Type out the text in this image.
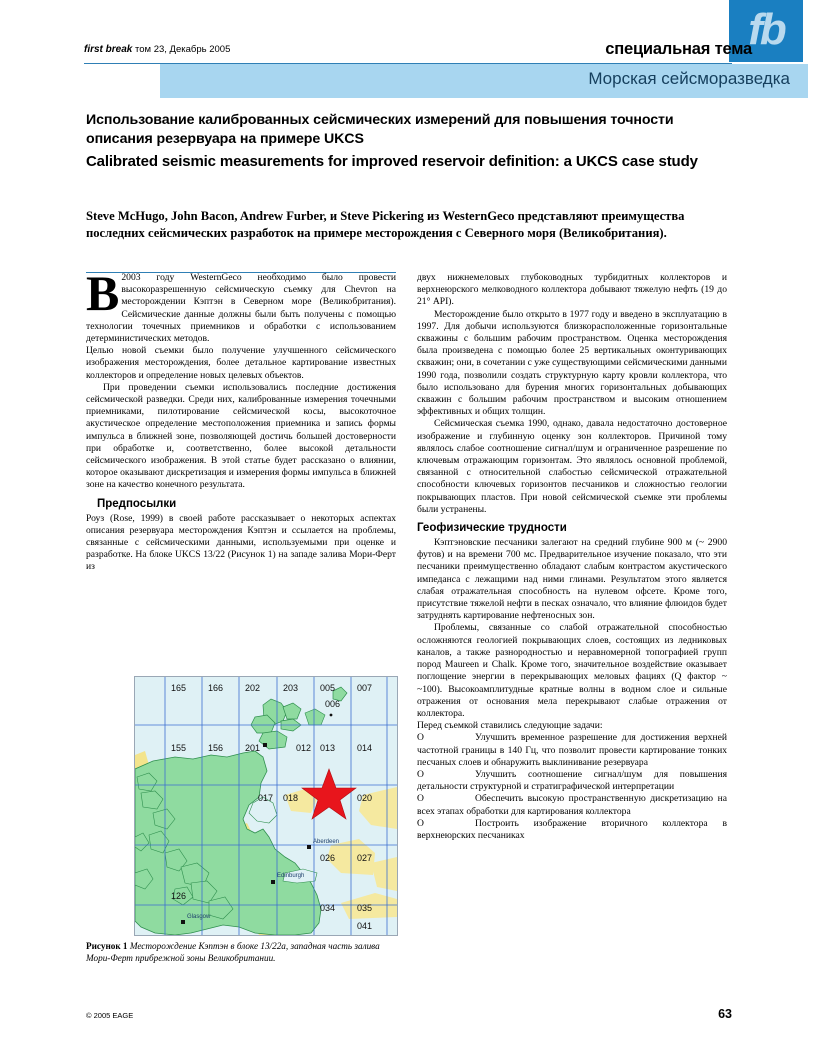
fb
first break том 23, Декабрь 2005	специальная тема
Морская сейсморазведка
Использование калиброванных сейсмических измерений для повышения точности описания резервуара на примере UKCS
Calibrated seismic measurements for improved reservoir definition: a UKCS case study
Steve McHugo, John Bacon, Andrew Furber, и Steve Pickering из WesternGeco представляют преимущества последних сейсмических разработок на примере месторождения с Северного моря (Великобритания).
В 2003 году WesternGeco необходимо было провести высокоразрешенную сейсмическую съемку для Chevron на месторождении Кэптэн в Северном море (Великобритания). Сейсмические данные должны были быть получены с помощью технологии точечных приемников и обработки с использованием детерминистических методов.

Целью новой съемки было получение улучшенного сейсмического изображения месторождения, более детальное картирование известных коллекторов и определение новых целевых объектов.

При проведении съемки использовались последние достижения сейсмической разведки. Среди них, калиброванные измерения точечными приемниками, пилотирование сейсмической косы, высокоточное акустическое определение местоположения приемника и запись формы импульса в ближней зоне, позволяющей достичь большей достоверности при обработке и, соответственно, более высокой детальности сейсмического изображения. В этой статье будет рассказано о влиянии, которое оказывают дискретизация и измерения формы импульса в ближней зоне на качество конечного результата.

Предпосылки

Роуз (Rose, 1999) в своей работе рассказывает о некоторых аспектах описания резервуара месторождения Кэптэн и ссылается на проблемы, связанные с сейсмическими данными, используемыми при оценке и разработке. На блоке UKCS 13/22 (Рисунок 1) на западе залива Мори-Ферт из

двух нижнемеловых глубоководных турбидитных коллекторов и верхнеюрского мелководного коллектора добывают тяжелую нефть (19 до 21° API).

Месторождение было открыто в 1977 году и введено в эксплуатацию в 1997. Для добычи используются близкорасположенные горизонтальные скважины с большим рабочим пространством. Оценка месторождения была произведена с помощью более 25 вертикальных оконтуривающих скважин; они, в сочетании с уже существующими сейсмическими данными 1990 года, позволили создать структурную карту кровли коллектора, что было использовано для бурения многих горизонтальных добывающих скважин с большим рабочим пространством и высоким отношением эффективных и общих толщин.

Сейсмическая съемка 1990, однако, давала недостаточно достоверное изображение и глубинную оценку зон коллекторов. Причиной тому являлось слабое соотношение сигнал/шум и ограниченное разрешение по ключевым отражающим горизонтам. Это являлось основной проблемой, связанной с относительной слабостью сейсмической отражательной способности ключевых горизонтов песчаников и сложностью геологии покрывающих пластов. При новой сейсмической съемке эти проблемы были устранены.

Геофизические трудности

Кэптэновские песчаники залегают на средний глубине 900 м (~ 2900 футов) и на времени 700 мс. Предварительное изучение показало, что эти песчаники преимущественно обладают слабым контрастом акустического импеданса с лежащими над ними глинами. Результатом этого является слабая отражательная способность на нулевом офсете. Кроме того, присутствие тяжелой нефти в песках означало, что влияние флюидов будет затруднять картирование нефтеносных зон.

Проблемы, связанные со слабой отражательной способностью осложняются геологией покрывающих слоев, состоящих из ледниковых каналов, а также разнородностью и неравномерной топографией групп пород Maureen и Chalk. Кроме того, значительное воздействие оказывает поглощение энергии в перекрывающих меловых фациях (Q фактор ~ ~100). Высокоамплитудные кратные волны в водном слое и сильные отражения от основания мела перекрывают слабые отражения от коллектора.

Перед съемкой ставились следующие задачи:

O	Улучшить временное разрешение для достижения верхней частотной границы в 140 Гц, что позволит провести картирование тонких песчаных слоев и обнаружить выклинивание резервуара

O	Улучшить соотношение сигнал/шум для повышения детальности структурной и стратиграфической интерпретации

O	Обеспечить высокую пространственную дискретизацию на всех этапах обработки для картирования коллектора

O	Построить изображение вторичного коллектора в верхнеюрских песчаниках

165 166 202	203 005 007
006
155 156 201	012 013 014
017 018	020
026 027
034 035
041
126
Aberdeen
Edinburgh
Glasgow
Рисунок 1 Месторождение Кэптэн в блоке 13/22а, западная часть залива Мори-Ферт прибрежной зоны Великобритании.
© 2005 EAGE	63
